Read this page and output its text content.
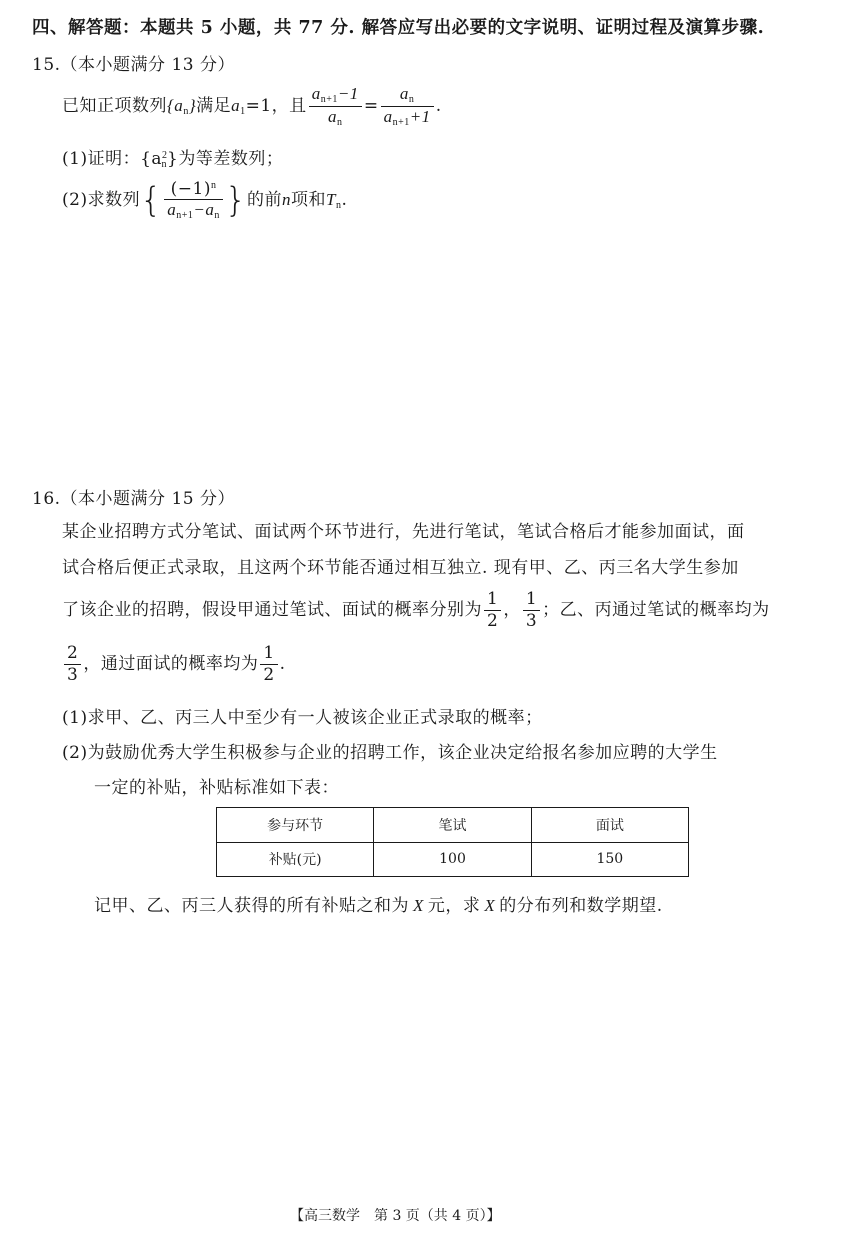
四、解答题：本题共 5 小题，共 77 分. 解答应写出必要的文字说明、证明过程及演算步骤.
15.（本小题满分 13 分）
已知正项数列$\{a_n\}$满足$a_1=1$，且 $\frac{a_{n+1}-1}{a_n} = \frac{a_n}{a_{n+1}+1}$ .
(1)证明：$\{a^2_n\}$为等差数列；
(2)求数列{ $\frac{(-1)^n}{a_{n+1}-a_n}$ }的前n项和$T_n$.
16.（本小题满分 15 分）
某企业招聘方式分笔试、面试两个环节进行，先进行笔试，笔试合格后才能参加面试，面
试合格后便正式录取，且这两个环节能否通过相互独立. 现有甲、乙、丙三名大学生参加
了该企业的招聘，假设甲通过笔试、面试的概率分别为 $\frac{1}{2}$ ， $\frac{1}{3}$ ；乙、丙通过笔试的概率均为
$\frac{2}{3}$ ，通过面试的概率均为 $\frac{1}{2}$ .
(1)求甲、乙、丙三人中至少有一人被该企业正式录取的概率；
(2)为鼓励优秀大学生积极参与企业的招聘工作，该企业决定给报名参加应聘的大学生
一定的补贴，补贴标准如下表：
参与环节	笔试	面试
补贴(元)	100	150
记甲、乙、丙三人获得的所有补贴之和为 X 元，求 X 的分布列和数学期望.
【高三数学　第 3 页（共 4 页）】
